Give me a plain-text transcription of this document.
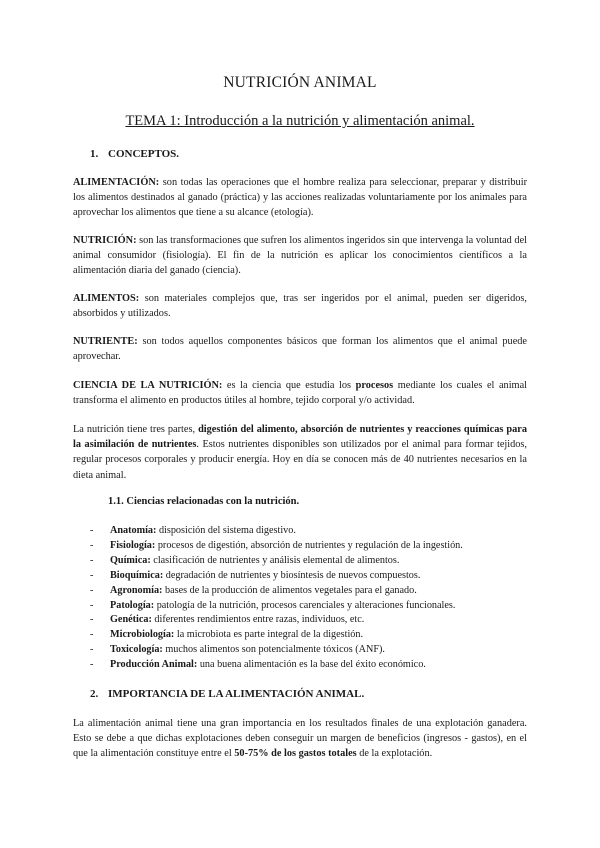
NUTRICIÓN ANIMAL
TEMA 1: Introducción a la nutrición y alimentación animal.
1. CONCEPTOS.

ALIMENTACIÓN: son todas las operaciones que el hombre realiza para seleccionar, preparar y distribuir los alimentos destinados al ganado (práctica) y las acciones realizadas voluntariamente por los animales para aprovechar los alimentos que tiene a su alcance (etología).

NUTRICIÓN: son las transformaciones que sufren los alimentos ingeridos sin que intervenga la voluntad del animal consumidor (fisiología). El fin de la nutrición es aplicar los conocimientos científicos a la alimentación diaria del ganado (ciencia).

ALIMENTOS: son materiales complejos que, tras ser ingeridos por el animal, pueden ser digeridos, absorbidos y utilizados.

NUTRIENTE: son todos aquellos componentes básicos que forman los alimentos que el animal puede aprovechar.

CIENCIA DE LA NUTRICIÓN: es la ciencia que estudia los procesos mediante los cuales el animal transforma el alimento en productos útiles al hombre, tejido corporal y/o actividad.

La nutrición tiene tres partes, digestión del alimento, absorción de nutrientes y reacciones químicas para la asimilación de nutrientes. Estos nutrientes disponibles son utilizados por el animal para formar tejidos, regular procesos corporales y producir energía. Hoy en día se conocen más de 40 nutrientes necesarios en la dieta animal.

1.1. Ciencias relacionadas con la nutrición.
- Anatomía: disposición del sistema digestivo.
- Fisiología: procesos de digestión, absorción de nutrientes y regulación de la ingestión.
- Química: clasificación de nutrientes y análisis elemental de alimentos.
- Bioquímica: degradación de nutrientes y biosíntesis de nuevos compuestos.
- Agronomía: bases de la producción de alimentos vegetales para el ganado.
- Patología: patología de la nutrición, procesos carenciales y alteraciones funcionales.
- Genética: diferentes rendimientos entre razas, individuos, etc.
- Microbiología: la microbiota es parte integral de la digestión.
- Toxicología: muchos alimentos son potencialmente tóxicos (ANF).
- Producción Animal: una buena alimentación es la base del éxito económico.
2. IMPORTANCIA DE LA ALIMENTACIÓN ANIMAL.

La alimentación animal tiene una gran importancia en los resultados finales de una explotación ganadera. Esto se debe a que dichas explotaciones deben conseguir un margen de beneficios (ingresos - gastos), en el que la alimentación constituye entre el 50-75% de los gastos totales de la explotación.
